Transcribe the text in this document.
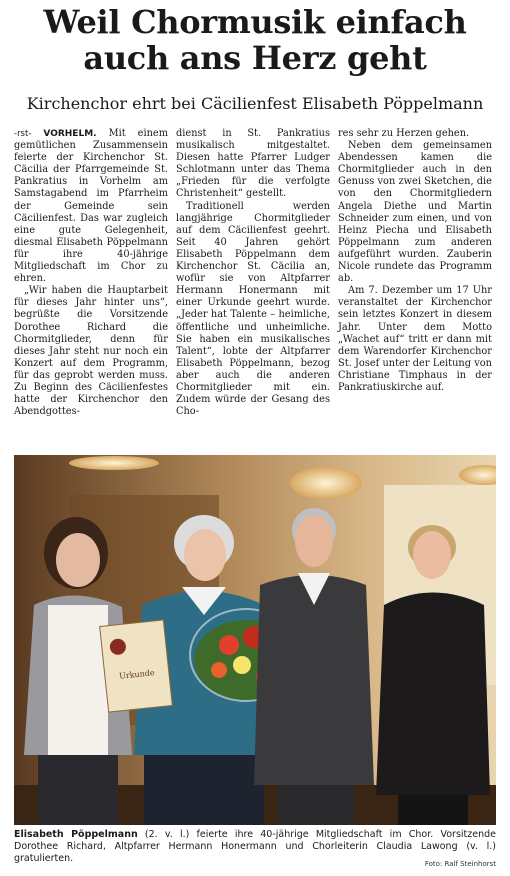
Weil Chormusik einfach
auch ans Herz geht
Kirchenchor ehrt bei Cäcilienfest Elisabeth Pöppelmann

-rst- VORHELM. Mit einem gemütlichen Zusammensein feierte der Kirchenchor St. Cäcilia der Pfarrgemeinde St. Pankratius in Vorhelm am Samstagabend im Pfarrheim der Gemeinde sein Cäcilienfest. Das war zugleich eine gute Gelegenheit, diesmal Elisabeth Pöppelmann für ihre 40-jährige Mitgliedschaft im Chor zu ehren.

„Wir haben die Hauptarbeit für dieses Jahr hinter uns“, begrüßte die Vorsitzende Dorothee Richard die Chormitglieder, denn für dieses Jahr steht nur noch ein Konzert auf dem Programm, für das geprobt werden muss. Zu Beginn des Cäcilienfestes hatte der Kirchenchor den Abendgottes-

dienst in St. Pankratius musikalisch mitgestaltet. Diesen hatte Pfarrer Ludger Schlotmann unter das Thema „Frieden für die verfolgte Christenheit“ gestellt.

Traditionell werden langjährige Chormitglieder auf dem Cäcilienfest geehrt. Seit 40 Jahren gehört Elisabeth Pöppelmann dem Kirchenchor St. Cäcilia an, wofür sie von Altpfarrer Hermann Honermann mit einer Urkunde geehrt wurde. „Jeder hat Talente – heimliche, öffentliche und unheimliche. Sie haben ein musikalisches Talent“, lobte der Altpfarrer Elisabeth Pöppelmann, bezog aber auch die anderen Chormitglieder mit ein. Zudem würde der Gesang des Cho-

res sehr zu Herzen gehen.

Neben dem gemeinsamen Abendessen kamen die Chormitglieder auch in den Genuss von zwei Sketchen, die von den Chormitgliedern Angela Diethe und Martin Schneider zum einen, und von Heinz Piecha und Elisabeth Pöppelmann zum anderen aufgeführt wurden. Zauberin Nicole rundete das Programm ab.

Am 7. Dezember um 17 Uhr veranstaltet der Kirchenchor sein letztes Konzert in diesem Jahr. Unter dem Motto „Wachet auf“ tritt er dann mit dem Warendorfer Kirchenchor St. Josef unter der Leitung von Christiane Timphaus in der Pankratiuskirche auf.

Urkunde
Elisabeth Pöppelmann (2. v. l.) feierte ihre 40-jährige Mitgliedschaft im Chor. Vorsitzende Dorothee Richard, Altpfarrer Hermann Honermann und Chorleiterin Claudia Lawong (v. l.) gratulierten.	Foto: Ralf Steinhorst
